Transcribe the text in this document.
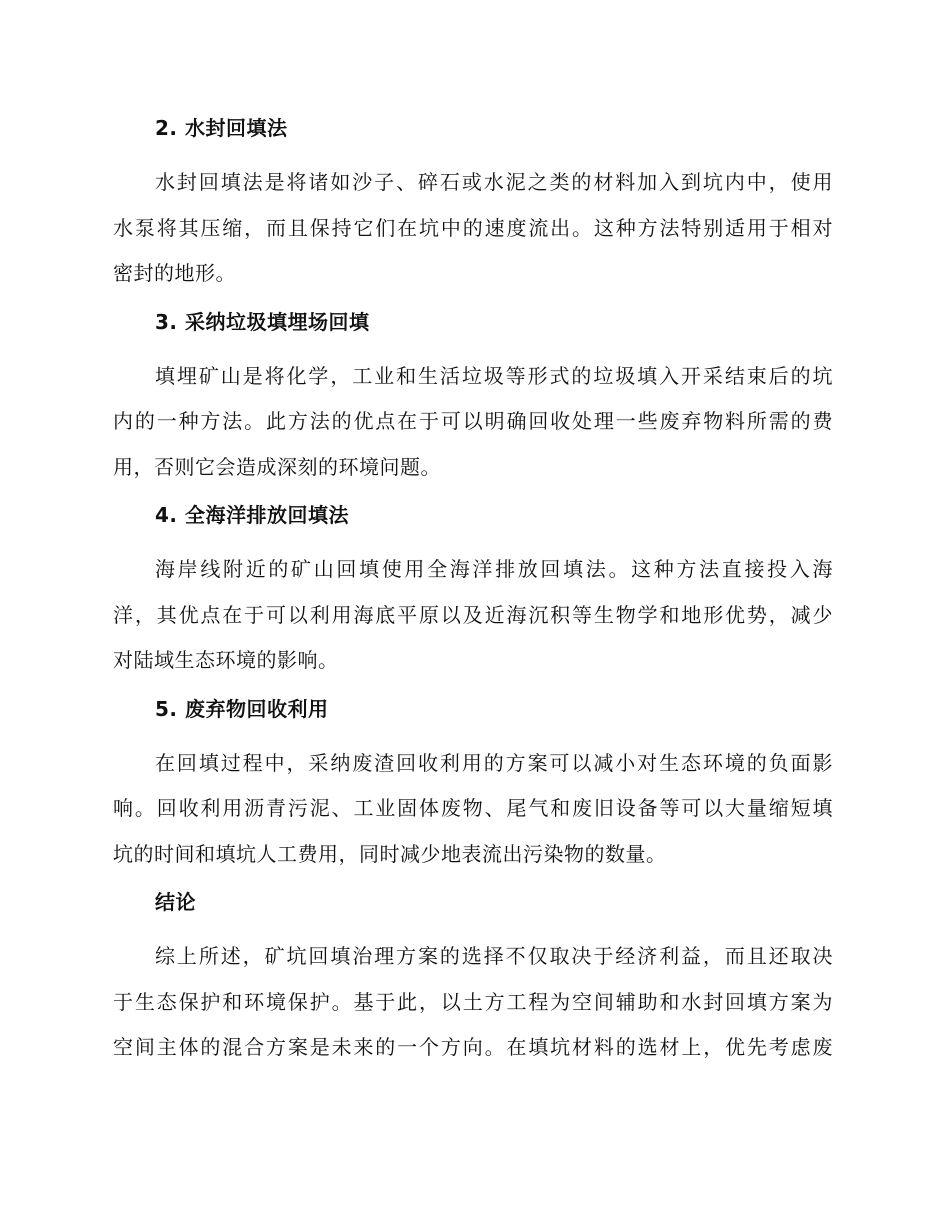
2. 水封回填法
水封回填法是将诸如沙子、碎石或水泥之类的材料加入到坑内中，使用
水泵将其压缩，而且保持它们在坑中的速度流出。这种方法特别适用于相对
密封的地形。
3. 采纳垃圾填埋场回填
填埋矿山是将化学，工业和生活垃圾等形式的垃圾填入开采结束后的坑
内的一种方法。此方法的优点在于可以明确回收处理一些废弃物料所需的费
用，否则它会造成深刻的环境问题。
4. 全海洋排放回填法
海岸线附近的矿山回填使用全海洋排放回填法。这种方法直接投入海
洋，其优点在于可以利用海底平原以及近海沉积等生物学和地形优势，减少
对陆域生态环境的影响。
5. 废弃物回收利用
在回填过程中，采纳废渣回收利用的方案可以减小对生态环境的负面影
响。回收利用沥青污泥、工业固体废物、尾气和废旧设备等可以大量缩短填
坑的时间和填坑人工费用，同时减少地表流出污染物的数量。
结论
综上所述，矿坑回填治理方案的选择不仅取决于经济利益，而且还取决
于生态保护和环境保护。基于此，以土方工程为空间辅助和水封回填方案为
空间主体的混合方案是未来的一个方向。在填坑材料的选材上，优先考虑废
